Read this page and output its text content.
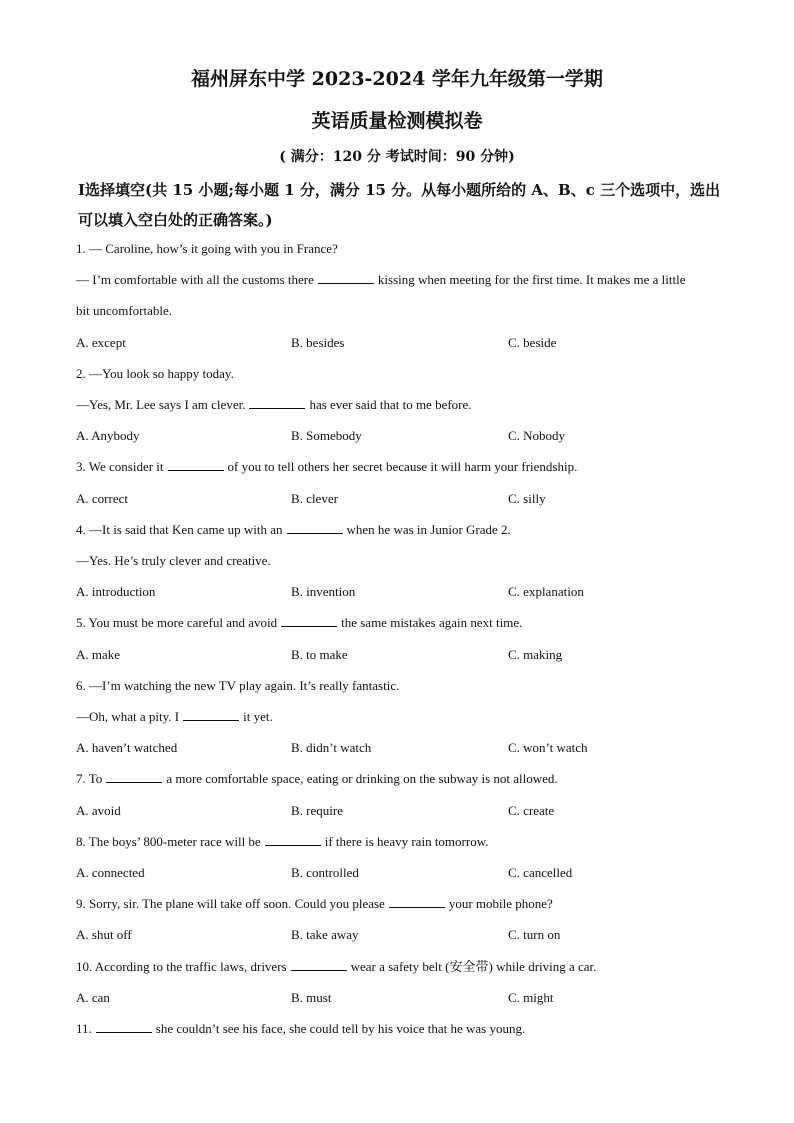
福州屏东中学 2023-2024 学年九年级第一学期
英语质量检测模拟卷
( 满分：120 分 考试时间：90 分钟)
Ⅰ选择填空(共 15 小题;每小题 1 分，满分 15 分。从每小题所给的 A、B、c 三个选项中，选出可以填入空白处的正确答案。)
1. — Caroline, how’s it going with you in France?
— I’m comfortable with all the customs there	kissing when meeting for the first time. It makes me a little
bit uncomfortable.
A. except	B. besides	C. beside
2. —You look so happy today.
—Yes, Mr. Lee says I am clever.	has ever said that to me before.
A. Anybody	B. Somebody	C. Nobody
3. We consider it	of you to tell others her secret because it will harm your friendship.
A. correct	B. clever	C. silly
4. —It is said that Ken came up with an	when he was in Junior Grade 2.
—Yes. He’s truly clever and creative.
A. introduction	B. invention	C. explanation
5. You must be more careful and avoid	the same mistakes again next time.
A. make	B. to make	C. making
6. —I’m watching the new TV play again. It’s really fantastic.
—Oh, what a pity. I	it yet.
A. haven’t watched	B. didn’t watch	C. won’t watch
7. To	a more comfortable space, eating or drinking on the subway is not allowed.
A. avoid	B. require	C. create
8. The boys’ 800-meter race will be	if there is heavy rain tomorrow.
A. connected	B. controlled	C. cancelled
9. Sorry, sir. The plane will take off soon. Could you please	your mobile phone?
A. shut off	B. take away	C. turn on
10. According to the traffic laws, drivers	wear a safety belt (安全带) while driving a car.
A. can	B. must	C. might
11.	she couldn’t see his face, she could tell by his voice that he was young.
